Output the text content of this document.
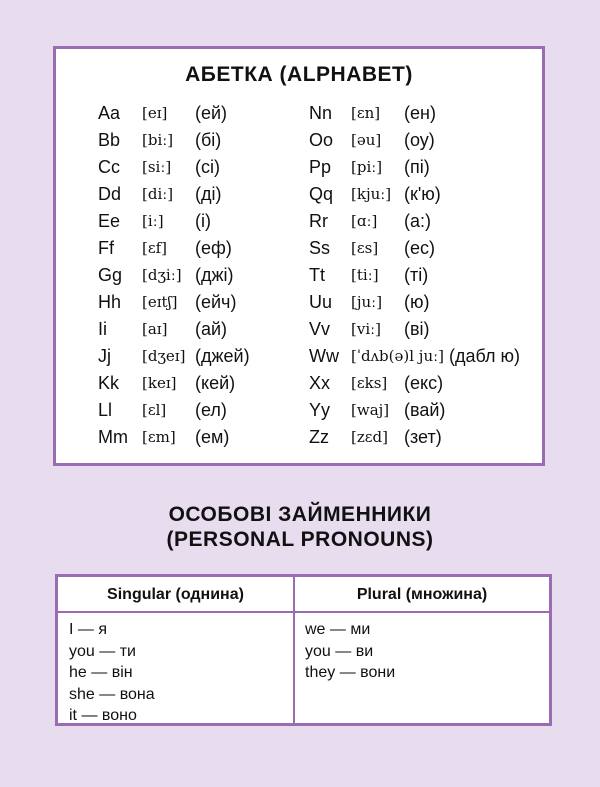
АБЕТКА (ALPHABET)
Aa [eɪ] (ей)
Bb [biː] (бі)
Cc [siː] (сі)
Dd [diː] (ді)
Ee [iː] (і)
Ff [ɛf] (еф)
Gg [dʒiː] (джі)
Hh [eɪtʃ] (ейч)
Ii [aɪ] (ай)
Jj [dʒeɪ] (джей)
Kk [keɪ] (кей)
Ll [ɛl] (ел)
Mm [ɛm] (ем)
Nn [ɛn] (ен)
Oo [əu] (оу)
Pp [piː] (пі)
Qq [kjuː] (к'ю)
Rr [ɑː] (а:)
Ss [ɛs] (ес)
Tt [tiː] (ті)
Uu [juː] (ю)
Vv [viː] (ві)
Ww [ˈdʌb(ə)l juː] (дабл ю)
Xx [ɛks] (екс)
Yy [waj] (вай)
Zz [zɛd] (зет)
ОСОБОВІ ЗАЙМЕННИКИ
(PERSONAL PRONOUNS)
Singular (однина)	Plural (множина)
I — я
you — ти
he — він
she — вона
it — воно
we — ми
you — ви
they — вони
